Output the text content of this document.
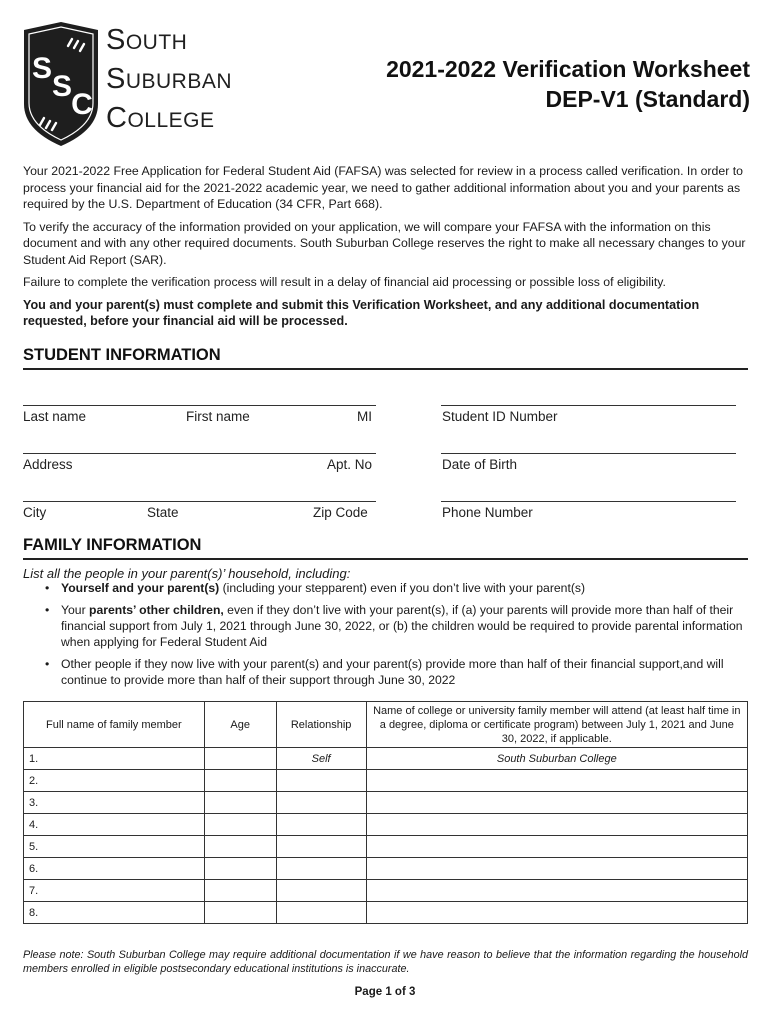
S
S
C
SOUTH
SUBURBAN
COLLEGE
2021-2022 Verification Worksheet
DEP-V1 (Standard)

Your 2021-2022 Free Application for Federal Student Aid (FAFSA) was selected for review in a process called verification. In order to process your financial aid for the 2021-2022 academic year, we need to gather additional information about you and your parents as required by the U.S. Department of Education (34 CFR, Part 668).

To verify the accuracy of the information provided on your application, we will compare your FAFSA with the information on this document and with any other required documents. South Suburban College reserves the right to make all necessary changes to your Student Aid Report (SAR).

Failure to complete the verification process will result in a delay of financial aid processing or possible loss of eligibility.

You and your parent(s) must complete and submit this Verification Worksheet, and any additional documentation requested, before your financial aid will be processed.

STUDENT INFORMATION
Last name	First name	MI	Student ID Number
Address	Apt. No	Date of Birth
City	State	Zip Code	Phone Number
FAMILY INFORMATION
List all the people in your parent(s)’ household, including:
• Yourself and your parent(s) (including your stepparent) even if you don’t live with your parent(s)
• Your parents’ other children, even if they don’t live with your parent(s), if (a) your parents will provide more than half of their financial support from July 1, 2021 through June 30, 2022, or (b) the children would be required to provide parental information when applying for Federal Student Aid
• Other people if they now live with your parent(s) and your parent(s) provide more than half of their financial support,and will continue to provide more than half of their support through June 30, 2022
Full name of family member	Age	Relationship	Name of college or university family member will attend (at least half time in a degree, diploma or certificate program) between July 1, 2021 and June 30, 2022, if applicable.
1.		Self	South Suburban College
2.			
3.			
4.			
5.			
6.			
7.			
8.			
Please note: South Suburban College may require additional documentation if we have reason to believe that the information regarding the household members enrolled in eligible postsecondary educational institutions is inaccurate.
Page 1 of 3
